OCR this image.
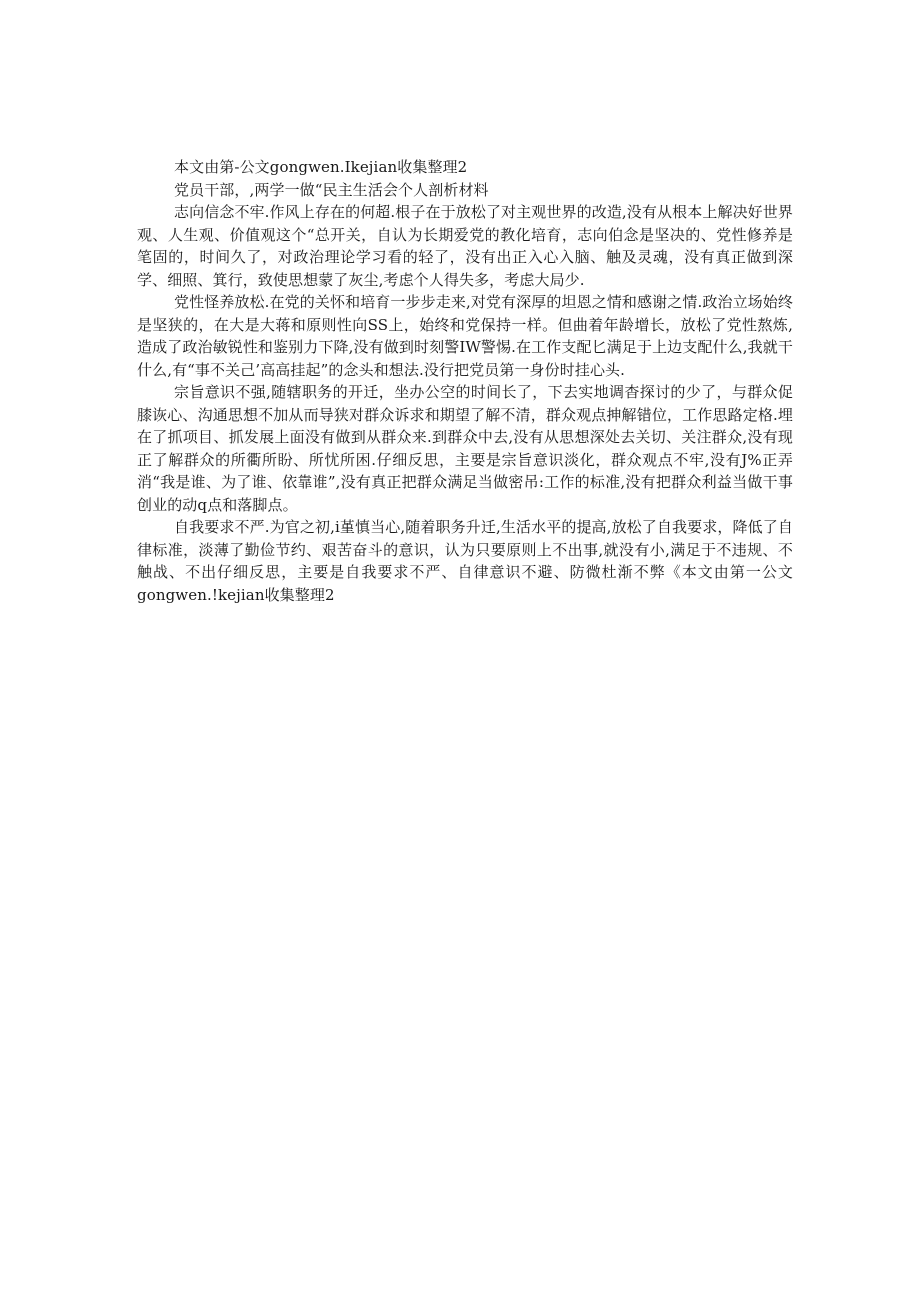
本文由第-公文gongwen.Ikejian收集整理2

党员干部，,两学一做“民主生活会个人剖析材料

志向信念不牢.作风上存在的何超.根子在于放松了对主观世界的改造,没有从根本上解决好世界观、人生观、价值观这个“总开关，自认为长期爱党的教化培育，志向伯念是坚决的、党性修养是笔固的，时间久了，对政治理论学习看的轻了，没有出正入心入脑、触及灵魂，没有真正做到深学、细照、箕行，致使思想蒙了灰尘,考虑个人得失多，考虑大局少.

党性怪养放松.在党的关怀和培育一步步走来,对党有深厚的坦恩之情和感谢之情.政治立场始终是坚狭的，在大是大蒋和原则性向SS上，始终和党保持一样。但曲着年龄增长，放松了党性熬炼,造成了政治敏锐性和鉴别力下降,没有做到时刻警IW警惕.在工作支配匕满足于上边支配什么,我就干什么,有“事不关己’高高挂起”的念头和想法.没行把党员第一身份时挂心头.

宗旨意识不强,随辖职务的开迁，坐办公空的时间长了，下去实地调杳探讨的少了，与群众促膝诙心、沟通思想不加从而导狭对群众诉求和期望了解不清，群众观点抻解错位，工作思路定格.埋在了抓项目、抓发展上面没有做到从群众来.到群众中去,没有从思想深处去关切、关注群众,没有现正了解群众的所衢所盼、所忧所困.仔细反思，主要是宗旨意识淡化，群众观点不牢,没有J%正弄消“我是谁、为了谁、依靠谁”,没有真正把群众满足当做密吊:工作的标准,没有把群众利益当做干事创业的动q点和落脚点。

自我要求不严.为官之初,i堇慎当心,随着职务升迁,生活水平的提高,放松了自我要求，降低了自律标准，淡薄了勤俭节约、艰苦奋斗的意识，认为只要原则上不出事,就没有小,满足于不违规、不触战、不出仔细反思，主要是自我要求不严、自律意识不避、防微杜渐不弊《本文由第一公文gongwen.!kejian收集整理2
